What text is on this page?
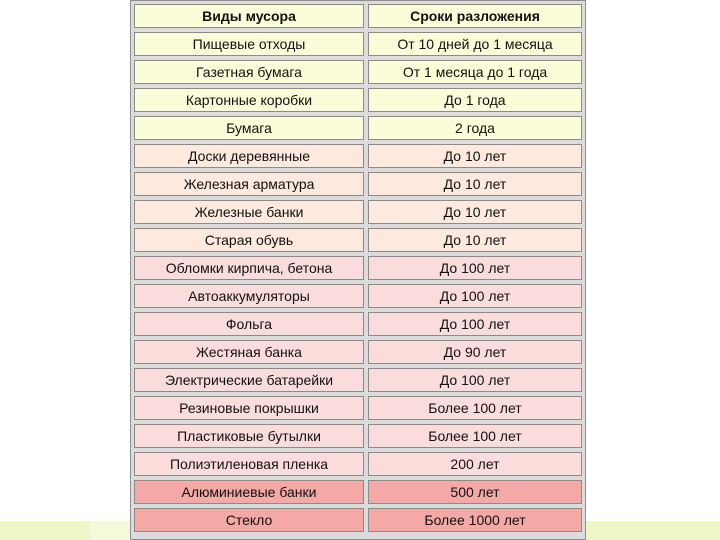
Виды мусора	Сроки разложения
Пищевые отходы	От 10 дней до 1 месяца
Газетная бумага	От 1 месяца до 1 года
Картонные коробки	До 1 года
Бумага	2 года
Доски деревянные	До 10 лет
Железная арматура	До 10 лет
Железные банки	До 10 лет
Старая обувь	До 10 лет
Обломки кирпича, бетона	До 100 лет
Автоаккумуляторы	До 100 лет
Фольга	До 100 лет
Жестяная банка	До 90 лет
Электрические батарейки	До 100 лет
Резиновые покрышки	Более 100 лет
Пластиковые бутылки	Более 100 лет
Полиэтиленовая пленка	200 лет
Алюминиевые банки	500 лет
Стекло	Более 1000 лет
